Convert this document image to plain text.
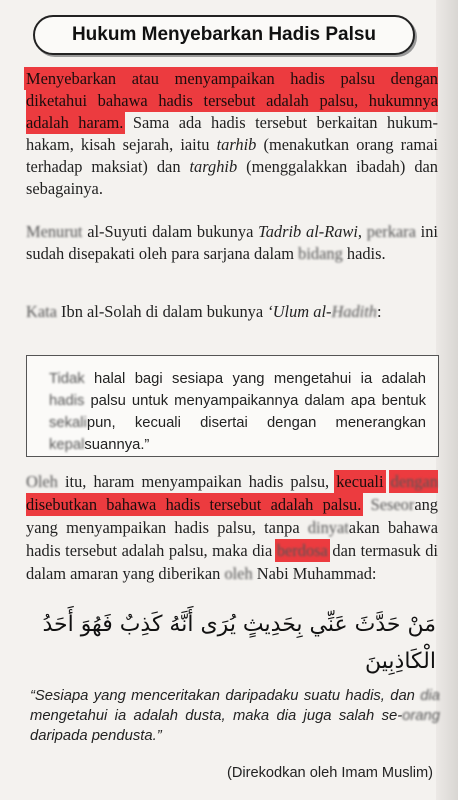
Hukum Menyebarkan Hadis Palsu

Menyebarkan atau menyampaikan hadis palsu dengan diketahui bahawa hadis tersebut adalah palsu, hukumnya adalah haram. Sama ada hadis tersebut berkaitan hukum-hakam, kisah sejarah, iaitu tarhib (menakutkan orang ramai terhadap maksiat) dan targhib (menggalakkan ibadah) dan sebagainya.

Menurut al-Suyuti dalam bukunya Tadrib al-Rawi, perkara ini sudah disepakati oleh para sarjana dalam bidang hadis.

Kata Ibn al-Solah di dalam bukunya ‘Ulum al-Hadith:

Tidak halal bagi sesiapa yang mengetahui ia adalah hadis palsu untuk menyampaikannya dalam apa bentuk sekalipun, kecuali disertai dengan menerangkan kepalsuannya.”

Oleh itu, haram menyampaikan hadis palsu, kecuali dengan disebutkan bahawa hadis tersebut adalah palsu. Seseorang yang menyampaikan hadis palsu, tanpa dinyatakan bahawa hadis tersebut adalah palsu, maka dia berdosa dan termasuk di dalam amaran yang diberikan oleh Nabi Muhammad:

مَنْ حَدَّثَ عَنِّي بِحَدِيثٍ يُرَى أَنَّهُ كَذِبٌ فَهُوَ أَحَدُ الْكَاذِبِينَ
“Sesiapa yang menceritakan daripadaku suatu hadis, dan dia mengetahui ia adalah dusta, maka dia juga salah se-orang daripada pendusta.”
(Direkodkan oleh Imam Muslim)
